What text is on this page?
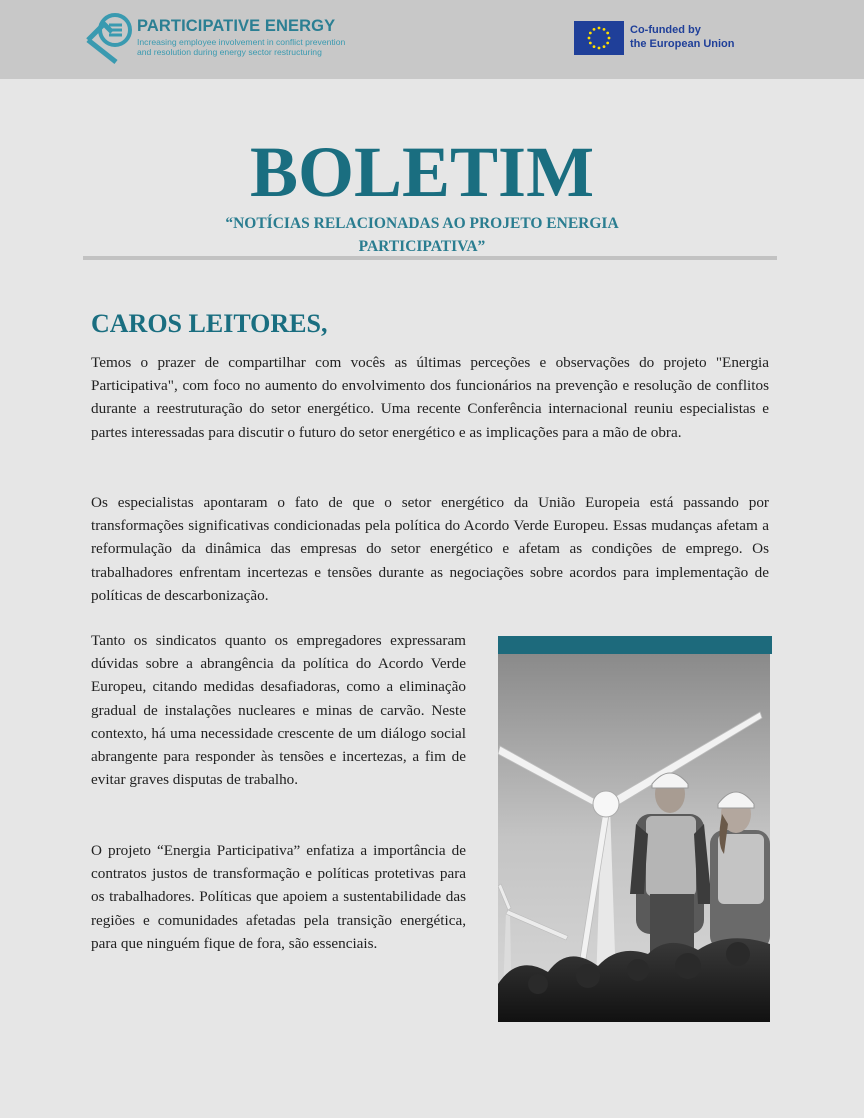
PARTICIPATIVE ENERGY
Increasing employee involvement in conflict prevention
and resolution during energy sector restructuring
Co-funded by
the European Union
BOLETIM
“NOTÍCIAS RELACIONADAS AO PROJETO ENERGIA PARTICIPATIVA”
CAROS LEITORES,
Temos o prazer de compartilhar com vocês as últimas perceções e observações do projeto "Energia Participativa", com foco no aumento do envolvimento dos funcionários na prevenção e resolução de conflitos durante a reestruturação do setor energético. Uma recente Conferência internacional reuniu especialistas e partes interessadas para discutir o futuro do setor energético e as implicações para a mão de obra.
Os especialistas apontaram o fato de que o setor energético da União Europeia está passando por transformações significativas condicionadas pela política do Acordo Verde Europeu. Essas mudanças afetam a reformulação da dinâmica das empresas do setor energético e afetam as condições de emprego. Os trabalhadores enfrentam incertezas e tensões durante as negociações sobre acordos para implementação de políticas de descarbonização.
Tanto os sindicatos quanto os empregadores expressaram dúvidas sobre a abrangência da política do Acordo Verde Europeu, citando medidas desafiadoras, como a eliminação gradual de instalações nucleares e minas de carvão. Neste contexto, há uma necessidade crescente de um diálogo social abrangente para responder às tensões e incertezas, a fim de evitar graves disputas de trabalho.
O projeto “Energia Participativa” enfatiza a importância de contratos justos de transformação e políticas protetivas para os trabalhadores. Políticas que apoiem a sustentabilidade das regiões e comunidades afetadas pela transição energética, para que ninguém fique de fora, são essenciais.
